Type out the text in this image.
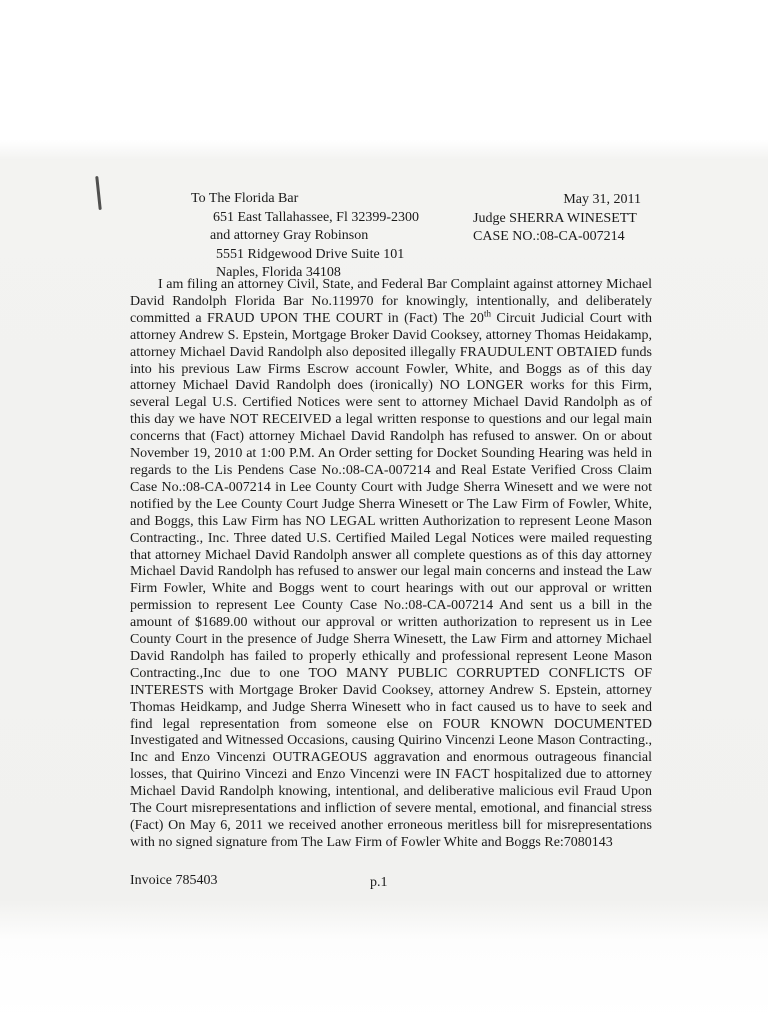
To The Florida Bar
651 East Tallahassee, Fl 32399-2300
and attorney Gray Robinson
5551 Ridgewood Drive Suite 101
Naples, Florida 34108
May 31, 2011
Judge SHERRA WINESETT
CASE NO.:08-CA-007214

I am filing an attorney Civil, State, and Federal Bar Complaint against attorney Michael David Randolph Florida Bar No.119970 for knowingly, intentionally, and deliberately committed a FRAUD UPON THE COURT in (Fact) The 20th Circuit Judicial Court with attorney Andrew S. Epstein, Mortgage Broker David Cooksey, attorney Thomas Heidakamp, attorney Michael David Randolph also deposited illegally FRAUDULENT OBTAIED funds into his previous Law Firms Escrow account Fowler, White, and Boggs as of this day attorney Michael David Randolph does (ironically) NO LONGER works for this Firm, several Legal U.S. Certified Notices were sent to attorney Michael David Randolph as of this day we have NOT RECEIVED a legal written response to questions and our legal main concerns that (Fact) attorney Michael David Randolph has refused to answer. On or about November 19, 2010 at 1:00 P.M. An Order setting for Docket Sounding Hearing was held in regards to the Lis Pendens Case No.:08-CA-007214 and Real Estate Verified Cross Claim Case No.:08-CA-007214 in Lee County Court with Judge Sherra Winesett and we were not notified by the Lee County Court Judge Sherra Winesett or The Law Firm of Fowler, White, and Boggs, this Law Firm has NO LEGAL written Authorization to represent Leone Mason Contracting., Inc. Three dated U.S. Certified Mailed Legal Notices were mailed requesting that attorney Michael David Randolph answer all complete questions as of this day attorney Michael David Randolph has refused to answer our legal main concerns and instead the Law Firm Fowler, White and Boggs went to court hearings with out our approval or written permission to represent Lee County Case No.:08-CA-007214 And sent us a bill in the amount of $1689.00 without our approval or written authorization to represent us in Lee County Court in the presence of Judge Sherra Winesett, the Law Firm and attorney Michael David Randolph has failed to properly ethically and professional represent Leone Mason Contracting.,Inc due to one TOO MANY PUBLIC CORRUPTED CONFLICTS OF INTERESTS with Mortgage Broker David Cooksey, attorney Andrew S. Epstein, attorney Thomas Heidkamp, and Judge Sherra Winesett who in fact caused us to have to seek and find legal representation from someone else on FOUR KNOWN DOCUMENTED Investigated and Witnessed Occasions, causing Quirino Vincenzi Leone Mason Contracting., Inc and Enzo Vincenzi OUTRAGEOUS aggravation and enormous outrageous financial losses, that Quirino Vincezi and Enzo Vincenzi were IN FACT hospitalized due to attorney Michael David Randolph knowing, intentional, and deliberative malicious evil Fraud Upon The Court misrepresentations and infliction of severe mental, emotional, and financial stress (Fact) On May 6, 2011 we received another erroneous meritless bill for misrepresentations with no signed signature from The Law Firm of Fowler White and Boggs Re:7080143

Invoice 785403	p.1
